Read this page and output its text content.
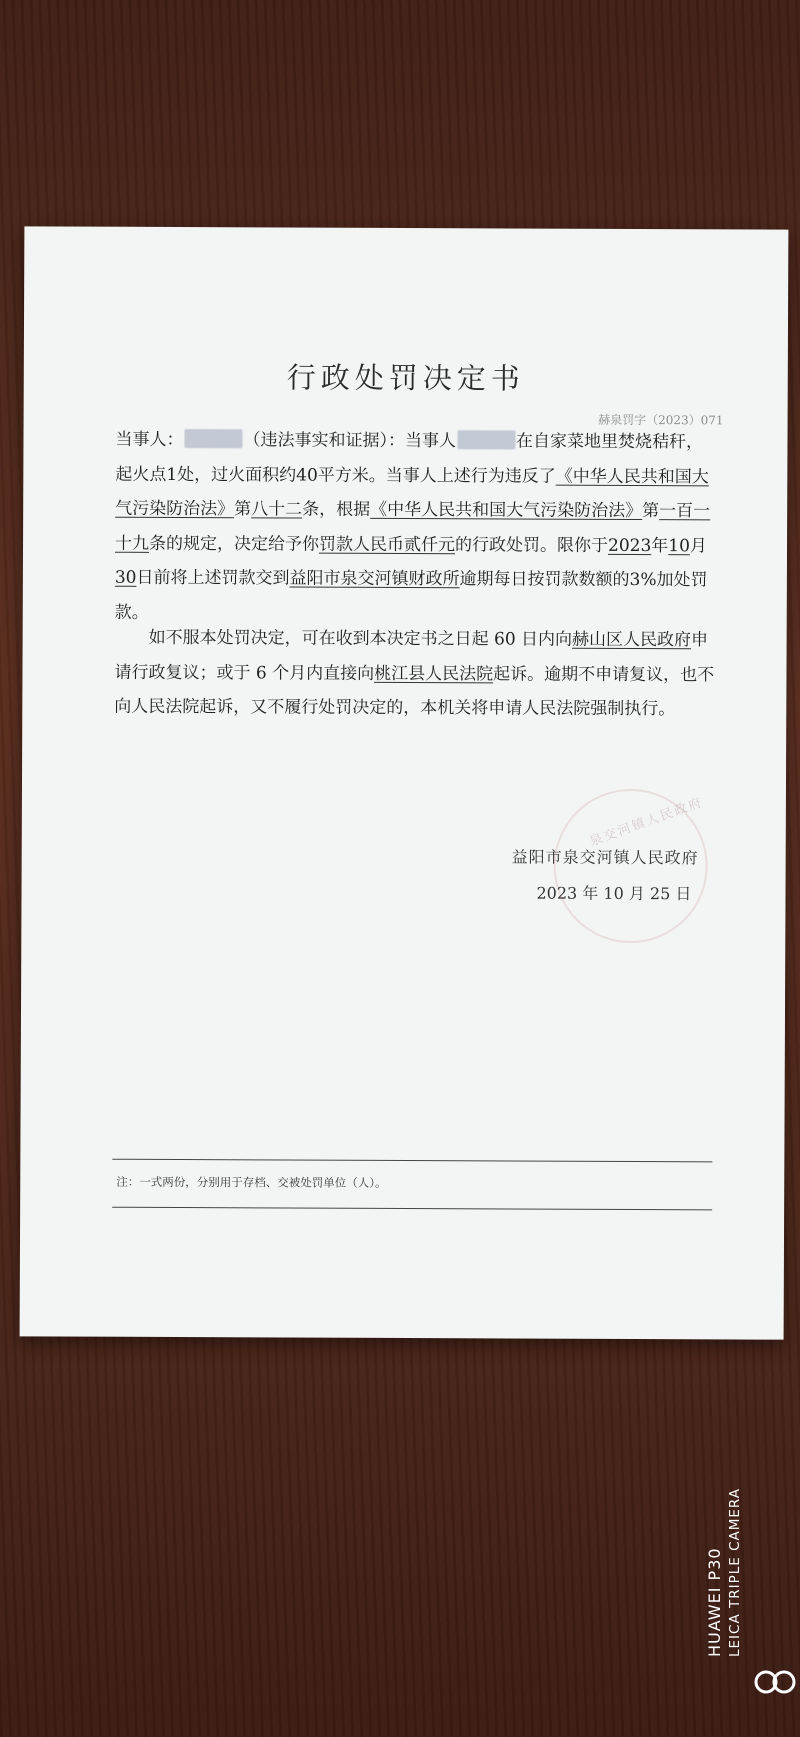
行政处罚决定书
赫泉罚字（2023）071
当事人：	（违法事实和证据）：当事人	在自家菜地里焚烧秸秆，起火点1处，过火面积约40平方米。当事人上述行为违反了《中华人民共和国大气污染防治法》第八十二条，根据《中华人民共和国大气污染防治法》第一百一十九条的规定，决定给予你罚款人民币贰仟元的行政处罚。限你于2023年10月30日前将上述罚款交到益阳市泉交河镇财政所逾期每日按罚款数额的3%加处罚款。
如不服本处罚决定，可在收到本决定书之日起 60 日内向赫山区人民政府申请行政复议；或于 6 个月内直接向桃江县人民法院起诉。逾期不申请复议，也不向人民法院起诉，又不履行处罚决定的，本机关将申请人民法院强制执行。
泉交河镇人民政府
益阳市泉交河镇人民政府
2023 年 10 月 25 日
注：一式两份，分别用于存档、交被处罚单位（人）。
HUAWEI P30 LEICA TRIPLE CAMERA
